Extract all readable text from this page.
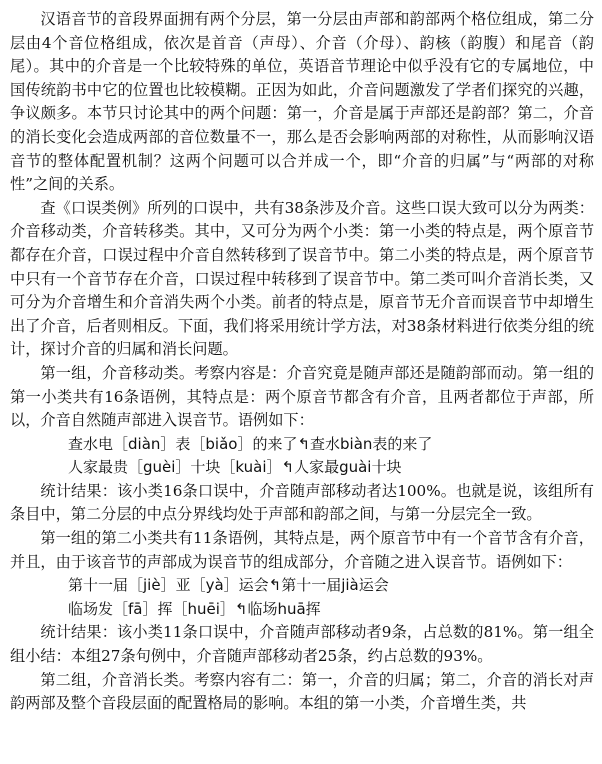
汉语音节的音段界面拥有两个分层，第一分层由声部和韵部两个格位组成，第二分层由4个音位格组成，依次是首音（声母）、介音（介母）、韵核（韵腹）和尾音（韵尾）。其中的介音是一个比较特殊的单位，英语音节理论中似乎没有它的专属地位，中国传统韵书中它的位置也比较模糊。正因为如此，介音问题激发了学者们探究的兴趣，争议颇多。本节只讨论其中的两个问题：第一，介音是属于声部还是韵部？第二，介音的消长变化会造成两部的音位数量不一，那么是否会影响两部的对称性，从而影响汉语音节的整体配置机制？这两个问题可以合并成一个，即“介音的归属”与“两部的对称性”之间的关系。

查《口误类例》所列的口误中，共有38条涉及介音。这些口误大致可以分为两类：介音移动类，介音转移类。其中，又可分为两个小类：第一小类的特点是，两个原音节都存在介音，口误过程中介音自然转移到了误音节中。第二小类的特点是，两个原音节中只有一个音节存在介音，口误过程中转移到了误音节中。第二类可叫介音消长类，又可分为介音增生和介音消失两个小类。前者的特点是，原音节无介音而误音节中却增生出了介音，后者则相反。下面，我们将采用统计学方法，对38条材料进行依类分组的统计，探讨介音的归属和消长问题。

第一组，介音移动类。考察内容是：介音究竟是随声部还是随韵部而动。第一组的第一小类共有16条语例，其特点是：两个原音节都含有介音，且两者都位于声部，所以，介音自然随声部进入误音节。语例如下：

查水电［diàn］表［biǎo］的来了↰查水biàn表的来了

人家最贵［guèi］十块［kuài］↰人家最guài十块

统计结果：该小类16条口误中，介音随声部移动者达100%。也就是说，该组所有条目中，第二分层的中点分界线均处于声部和韵部之间，与第一分层完全一致。

第一组的第二小类共有11条语例，其特点是，两个原音节中有一个音节含有介音，并且，由于该音节的声部成为误音节的组成部分，介音随之进入误音节。语例如下：

第十一届［jiè］亚［yà］运会↰第十一届jià运会

临场发［fā］挥［huēi］↰临场huā挥

统计结果：该小类11条口误中，介音随声部移动者9条，占总数的81%。第一组全组小结：本组27条句例中，介音随声部移动者25条，约占总数的93%。

第二组，介音消长类。考察内容有二：第一，介音的归属；第二，介音的消长对声韵两部及整个音段层面的配置格局的影响。本组的第一小类，介音增生类，共
